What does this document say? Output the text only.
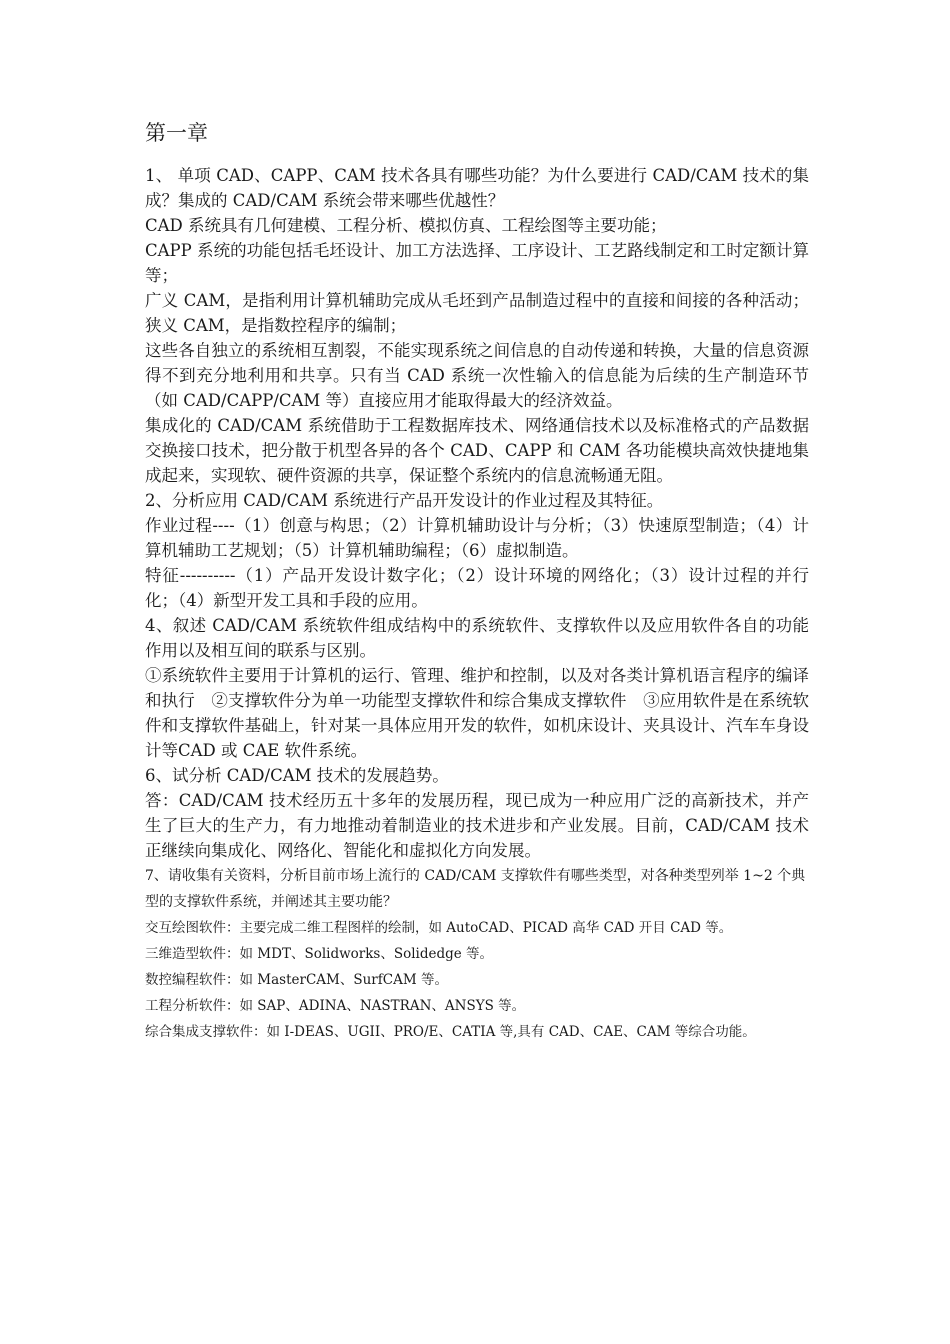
第一章

1、 单项 CAD、CAPP、CAM 技术各具有哪些功能？为什么要进行 CAD/CAM 技术的集成？集成的 CAD/CAM 系统会带来哪些优越性？

CAD 系统具有几何建模、工程分析、模拟仿真、工程绘图等主要功能；

CAPP 系统的功能包括毛坯设计、加工方法选择、工序设计、工艺路线制定和工时定额计算等；

广义 CAM，是指利用计算机辅助完成从毛坯到产品制造过程中的直接和间接的各种活动；狭义 CAM，是指数控程序的编制；

这些各自独立的系统相互割裂，不能实现系统之间信息的自动传递和转换，大量的信息资源得不到充分地利用和共享。只有当 CAD 系统一次性输入的信息能为后续的生产制造环节（如 CAD/CAPP/CAM 等）直接应用才能取得最大的经济效益。

集成化的 CAD/CAM 系统借助于工程数据库技术、网络通信技术以及标准格式的产品数据交换接口技术，把分散于机型各异的各个 CAD、CAPP 和 CAM 各功能模块高效快捷地集成起来，实现软、硬件资源的共享，保证整个系统内的信息流畅通无阻。

2、分析应用 CAD/CAM 系统进行产品开发设计的作业过程及其特征。

作业过程----（1）创意与构思；（2）计算机辅助设计与分析；（3）快速原型制造；（4）计算机辅助工艺规划；（5）计算机辅助编程；（6）虚拟制造。

特征----------（1）产品开发设计数字化；（2）设计环境的网络化；（3）设计过程的并行化；（4）新型开发工具和手段的应用。

4、叙述 CAD/CAM 系统软件组成结构中的系统软件、支撑软件以及应用软件各自的功能作用以及相互间的联系与区别。

①系统软件主要用于计算机的运行、管理、维护和控制，以及对各类计算机语言程序的编译和执行　②支撑软件分为单一功能型支撑软件和综合集成支撑软件　③应用软件是在系统软件和支撑软件基础上，针对某一具体应用开发的软件，如机床设计、夹具设计、汽车车身设计等CAD 或 CAE 软件系统。

6、试分析 CAD/CAM 技术的发展趋势。

答：CAD/CAM 技术经历五十多年的发展历程，现已成为一种应用广泛的高新技术，并产生了巨大的生产力，有力地推动着制造业的技术进步和产业发展。目前，CAD/CAM 技术正继续向集成化、网络化、智能化和虚拟化方向发展。

7、请收集有关资料，分析目前市场上流行的 CAD/CAM 支撑软件有哪些类型，对各种类型列举 1~2 个典型的支撑软件系统，并阐述其主要功能？

交互绘图软件：主要完成二维工程图样的绘制，如 AutoCAD、PICAD 高华 CAD 开目 CAD 等。

三维造型软件：如 MDT、Solidworks、Solidedge 等。

数控编程软件：如 MasterCAM、SurfCAM 等。

工程分析软件：如 SAP、ADINA、NASTRAN、ANSYS 等。

综合集成支撑软件：如 I-DEAS、UGII、PRO/E、CATIA 等,具有 CAD、CAE、CAM 等综合功能。
